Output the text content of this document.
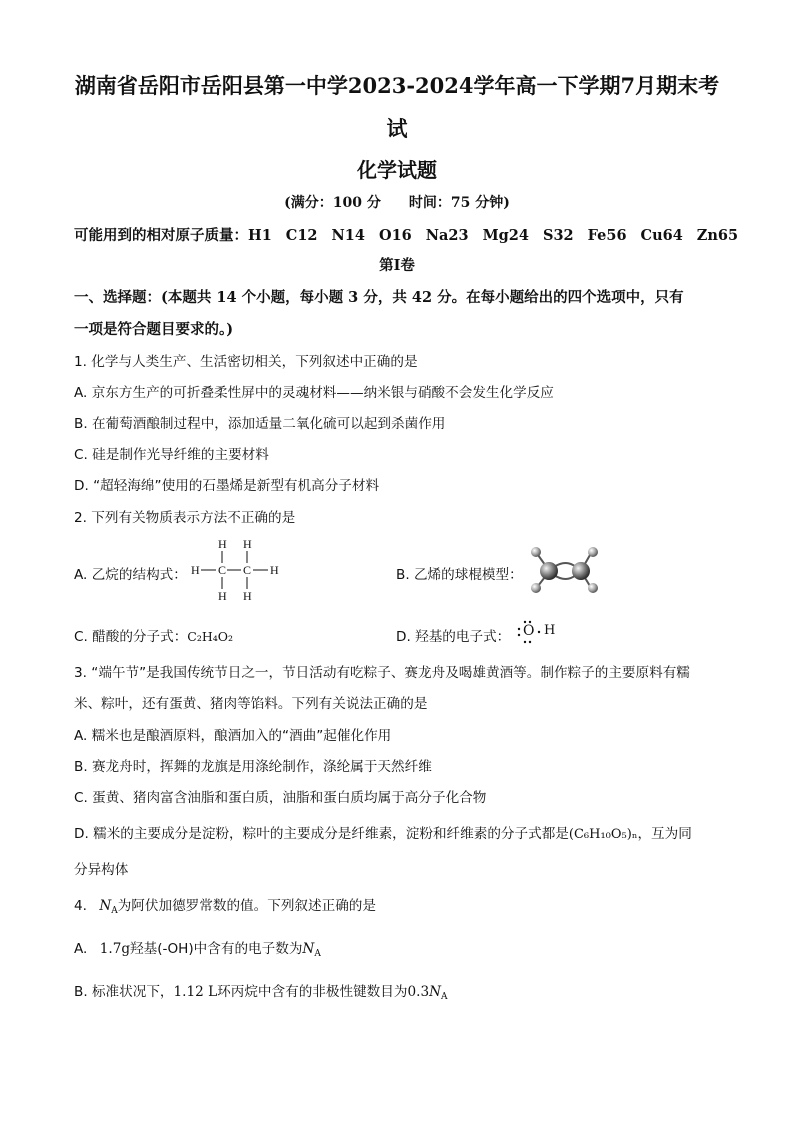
湖南省岳阳市岳阳县第一中学2023-2024学年高一下学期7月期末考
试
化学试题
(满分：100 分　　时间：75 分钟)
可能用到的相对原子质量：H1 C12 N14 O16 Na23 Mg24 S32 Fe56 Cu64 Zn65
第Ⅰ卷
一、选择题：(本题共 14 个小题，每小题 3 分，共 42 分。在每小题给出的四个选项中，只有
一项是符合题目要求的。)
1. 化学与人类生产、生活密切相关，下列叙述中正确的是
A. 京东方生产的可折叠柔性屏中的灵魂材料——纳米银与硝酸不会发生化学反应
B. 在葡萄酒酿制过程中，添加适量二氧化硫可以起到杀菌作用
C. 硅是制作光导纤维的主要材料
D. “超轻海绵”使用的石墨烯是新型有机高分子材料
2. 下列有关物质表示方法不正确的是
A. 乙烷的结构式：
H H
H C C H
H H
B. 乙烯的球棍模型：
C. 醋酸的分子式：C₂H₄O₂	D. 羟基的电子式： O H
3. “端午节”是我国传统节日之一，节日活动有吃粽子、赛龙舟及喝雄黄酒等。制作粽子的主要原料有糯
米、粽叶，还有蛋黄、猪肉等馅料。下列有关说法正确的是
A. 糯米也是酿酒原料，酿酒加入的“酒曲”起催化作用
B. 赛龙舟时，挥舞的龙旗是用涤纶制作，涤纶属于天然纤维
C. 蛋黄、猪肉富含油脂和蛋白质，油脂和蛋白质均属于高分子化合物
D. 糯米的主要成分是淀粉，粽叶的主要成分是纤维素，淀粉和纤维素的分子式都是(C₆H₁₀O₅)ₙ，互为同
分异构体
4. $N_A$为阿伏加德罗常数的值。下列叙述正确的是
A. 1.7g羟基(-OH)中含有的电子数为$N_A$
B. 标准状况下，1.12 L环丙烷中含有的非极性键数目为$0.3N_A$
